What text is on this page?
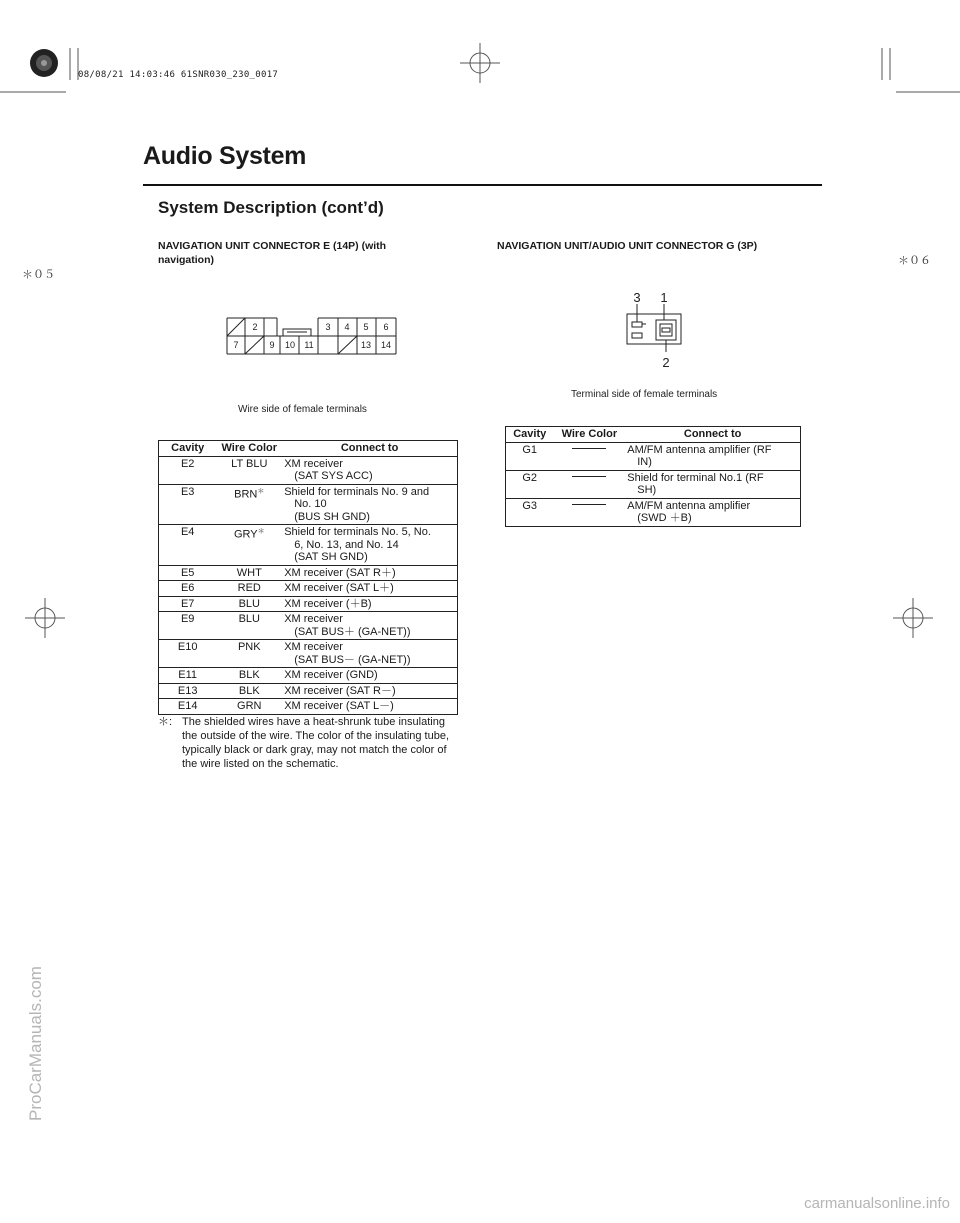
08/08/21 14:03:46 61SNR030_230_0017
Audio System
System Description (cont’d)
＊０５
＊０６
NAVIGATION UNIT CONNECTOR E (14P) (with navigation)
2	3 4 5 6
7	9 10 11	13 14
Wire side of female terminals
Cavity	Wire Color	Connect to
E2	LT BLU	XM receiver
(SAT SYS ACC)

E3	BRN＊	Shield for terminals No. 9 and
No. 10
(BUS SH GND)

E4	GRY＊	Shield for terminals No. 5, No.
6, No. 13, and No. 14
(SAT SH GND)

E5	WHT	XM receiver (SAT R＋)

E6	RED	XM receiver (SAT L＋)

E7	BLU	XM receiver (＋B)

E9	BLU	XM receiver
(SAT BUS＋ (GA-NET))

E10	PNK	XM receiver
(SAT BUS－ (GA-NET))

E11	BLK	XM receiver (GND)

E13	BLK	XM receiver (SAT R－)

E14	GRN	XM receiver (SAT L－)
＊: The shielded wires have a heat-shrunk tube insulating the outside of the wire. The color of the insulating tube, typically black or dark gray, may not match the color of the wire listed on the schematic.
NAVIGATION UNIT/AUDIO UNIT CONNECTOR G (3P)
3 1
2
Terminal side of female terminals
Cavity	Wire Color	Connect to
G1		AM/FM antenna amplifier (RF
IN)

G2		Shield for terminal No.1 (RF
SH)

G3		AM/FM antenna amplifier
(SWD ＋B)
ProCarManuals.com
carmanualsonline.info
